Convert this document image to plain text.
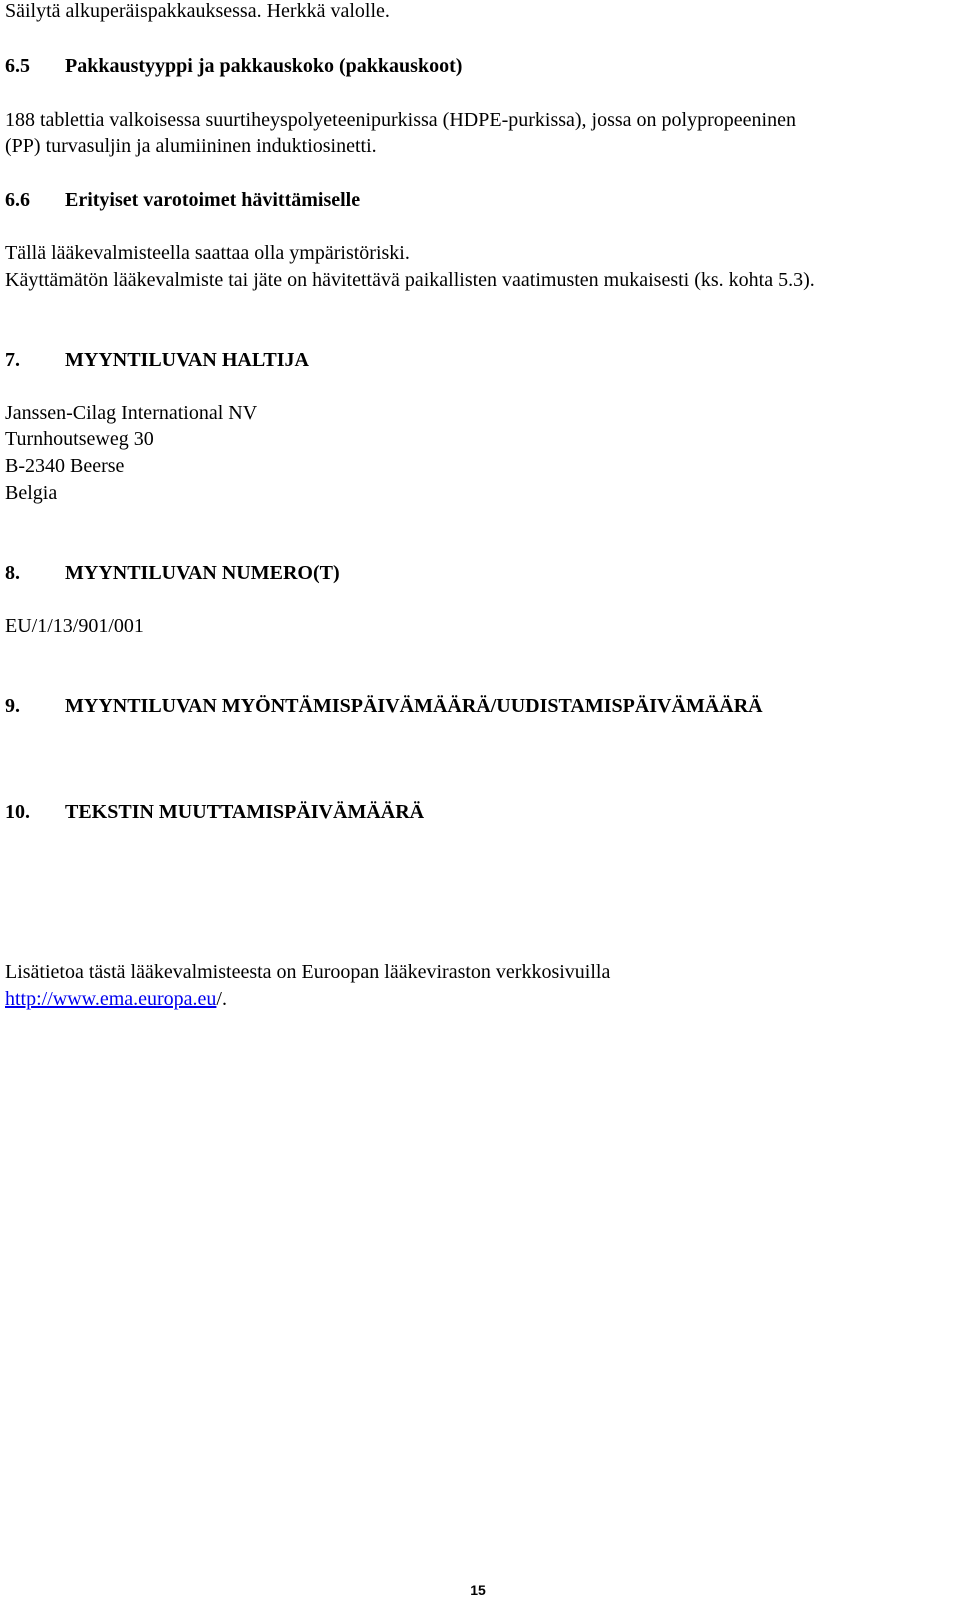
Säilytä alkuperäispakkauksessa. Herkkä valolle.

6.5 Pakkaustyyppi ja pakkauskoko (pakkauskoot)

188 tablettia valkoisessa suurtiheyspolyeteenipurkissa (HDPE-purkissa), jossa on polypropeeninen

(PP) turvasuljin ja alumiininen induktiosinetti.

6.6 Erityiset varotoimet hävittämiselle

Tällä lääkevalmisteella saattaa olla ympäristöriski.

Käyttämätön lääkevalmiste tai jäte on hävitettävä paikallisten vaatimusten mukaisesti (ks. kohta 5.3).

7. MYYNTILUVAN HALTIJA

Janssen-Cilag International NV

Turnhoutseweg 30

B-2340 Beerse

Belgia

8. MYYNTILUVAN NUMERO(T)

EU/1/13/901/001

9. MYYNTILUVAN MYÖNTÄMISPÄIVÄMÄÄRÄ/UUDISTAMISPÄIVÄMÄÄRÄ

10. TEKSTIN MUUTTAMISPÄIVÄMÄÄRÄ

Lisätietoa tästä lääkevalmisteesta on Euroopan lääkeviraston verkkosivuilla

http://www.ema.europa.eu/.

15
